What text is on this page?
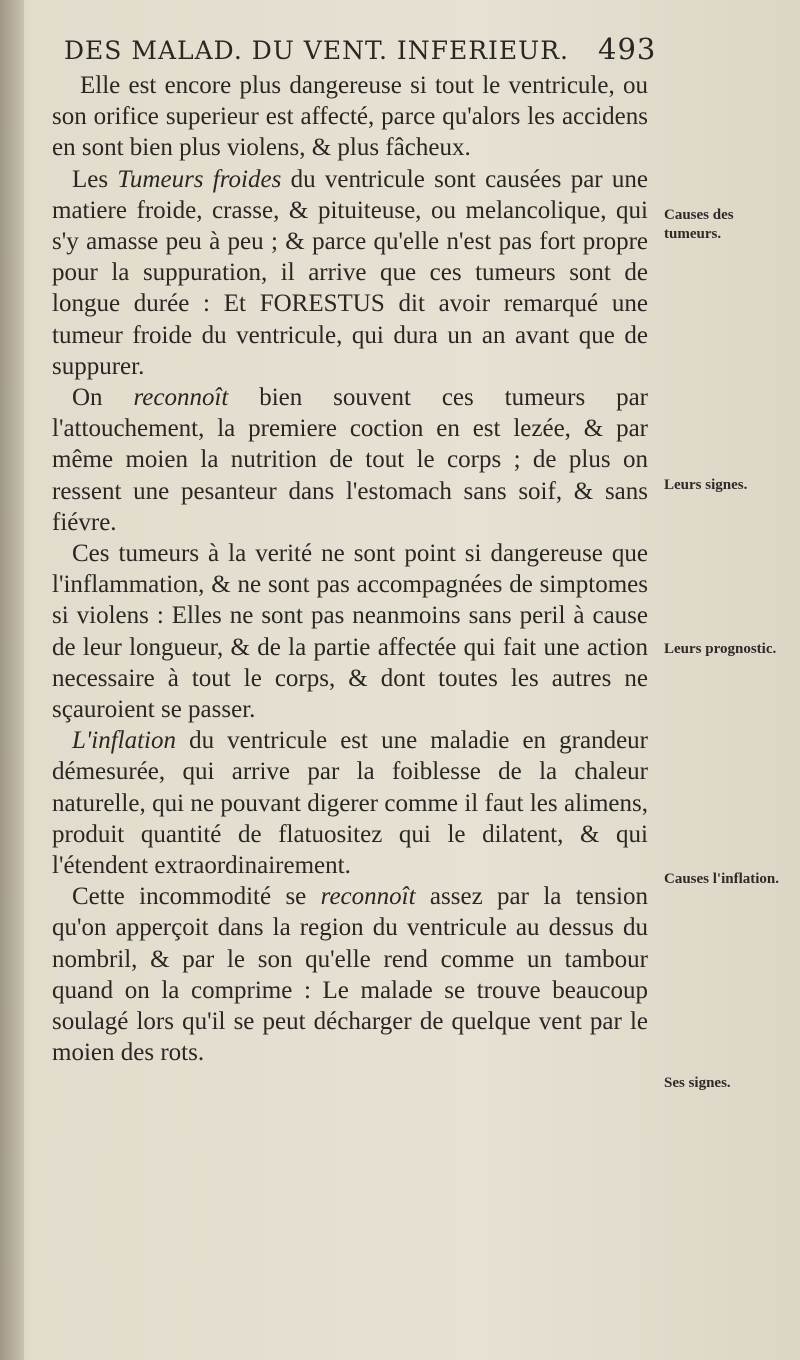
DES MALAD. DU VENT. INFERIEUR. 493

Elle est encore plus dangereuse si tout le ventricule, ou son orifice superieur est affecté, parce qu'alors les accidens en sont bien plus violens, & plus fâcheux.

Les Tumeurs froides du ventricule sont causées par une matiere froide, crasse, & pituiteuse, ou melancolique, qui s'y amasse peu à peu ; & parce qu'elle n'est pas fort propre pour la suppuration, il arrive que ces tumeurs sont de longue durée : Et FORESTUS dit avoir remarqué une tumeur froide du ventricule, qui dura un an avant que de suppurer.

On reconnoît bien souvent ces tumeurs par l'attouchement, la premiere coction en est lezée, & par même moien la nutrition de tout le corps ; de plus on ressent une pesanteur dans l'estomach sans soif, & sans fiévre.

Ces tumeurs à la verité ne sont point si dangereuse que l'inflammation, & ne sont pas accompagnées de simptomes si violens : Elles ne sont pas neanmoins sans peril à cause de leur longueur, & de la partie affectée qui fait une action necessaire à tout le corps, & dont toutes les autres ne sçauroient se passer.

L'inflation du ventricule est une maladie en grandeur démesurée, qui arrive par la foiblesse de la chaleur naturelle, qui ne pouvant digerer comme il faut les alimens, produit quantité de flatuositez qui le dilatent, & qui l'étendent extraordinairement.

Cette incommodité se reconnoît assez par la tension qu'on apperçoit dans la region du ventricule au dessus du nombril, & par le son qu'elle rend comme un tambour quand on la comprime : Le malade se trouve beaucoup soulagé lors qu'il se peut décharger de quelque vent par le moien des rots.

Causes des tumeurs.
Leurs signes.
Leurs prognostic.
Causes l'inflation.
Ses signes.
